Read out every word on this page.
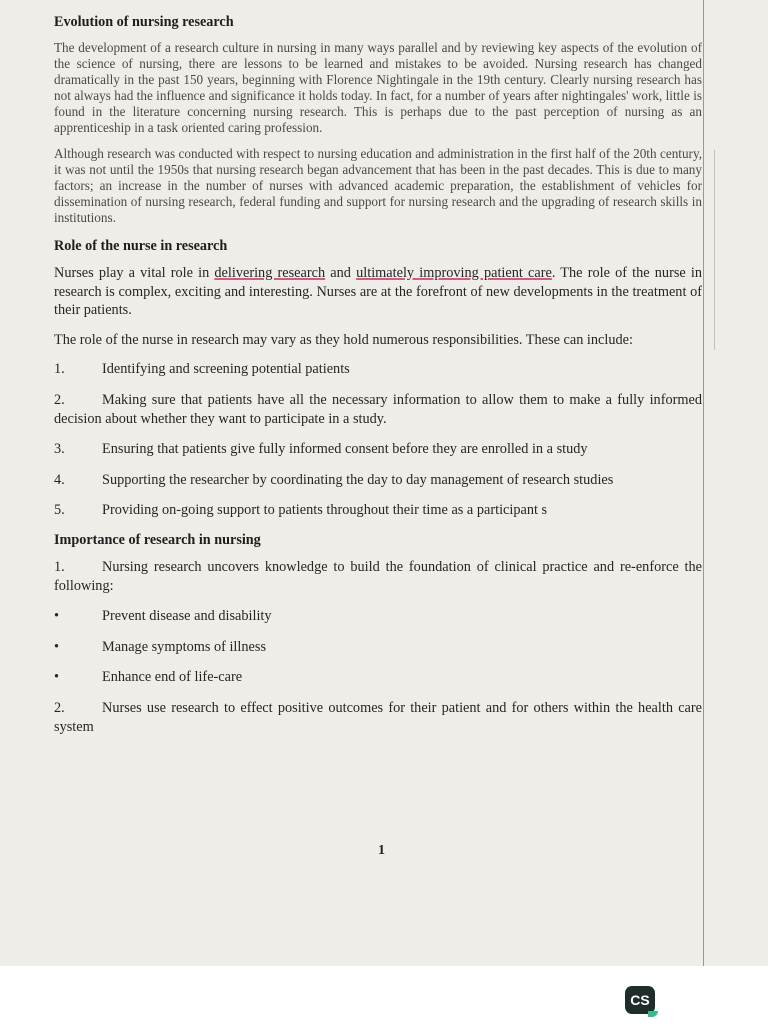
Evolution of nursing research

The development of a research culture in nursing in many ways parallel and by reviewing key aspects of the evolution of the science of nursing, there are lessons to be learned and mistakes to be avoided. Nursing research has changed dramatically in the past 150 years, beginning with Florence Nightingale in the 19th century. Clearly nursing research has not always had the influence and significance it holds today. In fact, for a number of years after nightingales' work, little is found in the literature concerning nursing research. This is perhaps due to the past perception of nursing as an apprenticeship in a task oriented caring profession.

Although research was conducted with respect to nursing education and administration in the first half of the 20th century, it was not until the 1950s that nursing research began advancement that has been in the past decades. This is due to many factors; an increase in the number of nurses with advanced academic preparation, the establishment of vehicles for dissemination of nursing research, federal funding and support for nursing research and the upgrading of research skills in institutions.

Role of the nurse in research

Nurses play a vital role in delivering research and ultimately improving patient care. The role of the nurse in research is complex, exciting and interesting. Nurses are at the forefront of new developments in the treatment of their patients.

The role of the nurse in research may vary as they hold numerous responsibilities. These can include:

1.	Identifying and screening potential patients
2.	Making sure that patients have all the necessary information to allow them to make a fully informed decision about whether they want to participate in a study.
3.	Ensuring that patients give fully informed consent before they are enrolled in a study
4.	Supporting the researcher by coordinating the day to day management of research studies
5.	Providing on-going support to patients throughout their time as a participant s
Importance of research in nursing
1.	Nursing research uncovers knowledge to build the foundation of clinical practice and re-enforce the following:
•	Prevent disease and disability
•	Manage symptoms of illness
•	Enhance end of life-care
2.	Nurses use research to effect positive outcomes for their patient and for others within the health care system
1
CS
